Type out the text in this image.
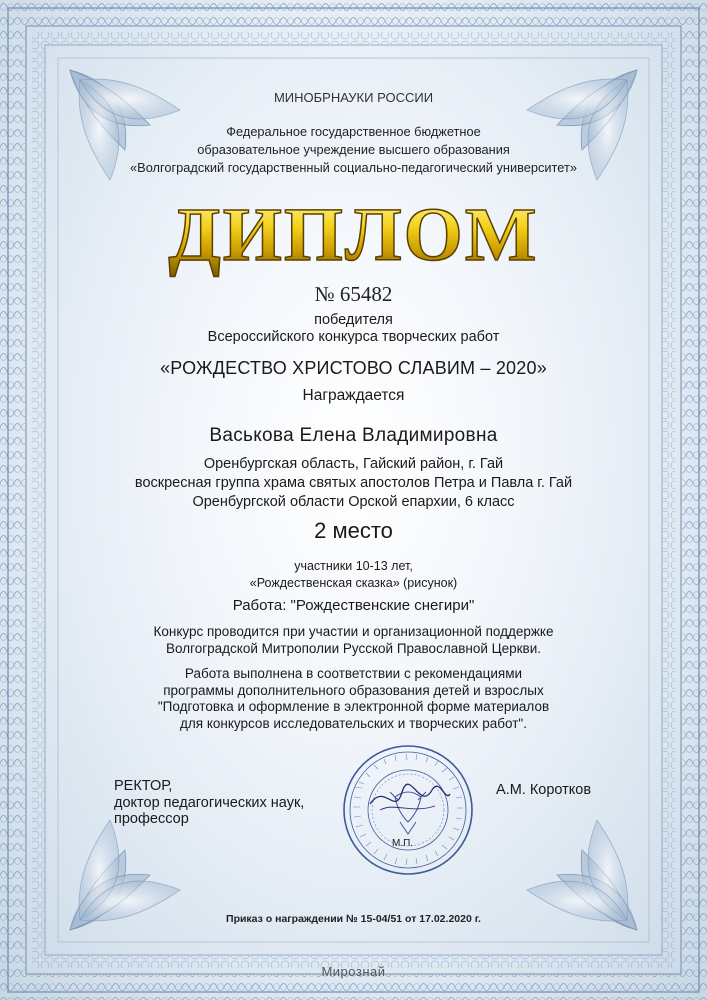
МИНОБРНАУКИ РОССИИ
Федеральное государственное бюджетное
образовательное учреждение высшего образования
«Волгоградский государственный социально-педагогический университет»
ДИПЛОМ
№ 65482
победителя
Всероссийского конкурса творческих работ
«РОЖДЕСТВО ХРИСТОВО СЛАВИМ – 2020»
Награждается
Васькова Елена Владимировна
Оренбургская область, Гайский район, г. Гай
воскресная группа храма святых апостолов Петра и Павла г. Гай
Оренбургской области Орской епархии, 6 класс
2 место
участники 10-13 лет,
«Рождественская сказка» (рисунок)
Работа: "Рождественские снегири"
Конкурс проводится при участии и организационной поддержке
Волгоградской Митрополии Русской Православной Церкви.
Работа выполнена в соответствии с рекомендациями
программы дополнительного образования детей и взрослых
"Подготовка и оформление в электронной форме материалов
для конкурсов исследовательских и творческих работ".
РЕКТОР,
доктор педагогических наук,
профессор
А.М. Коротков
М.П.
Приказ о награждении № 15-04/51 от 17.02.2020 г.
Мирознай
